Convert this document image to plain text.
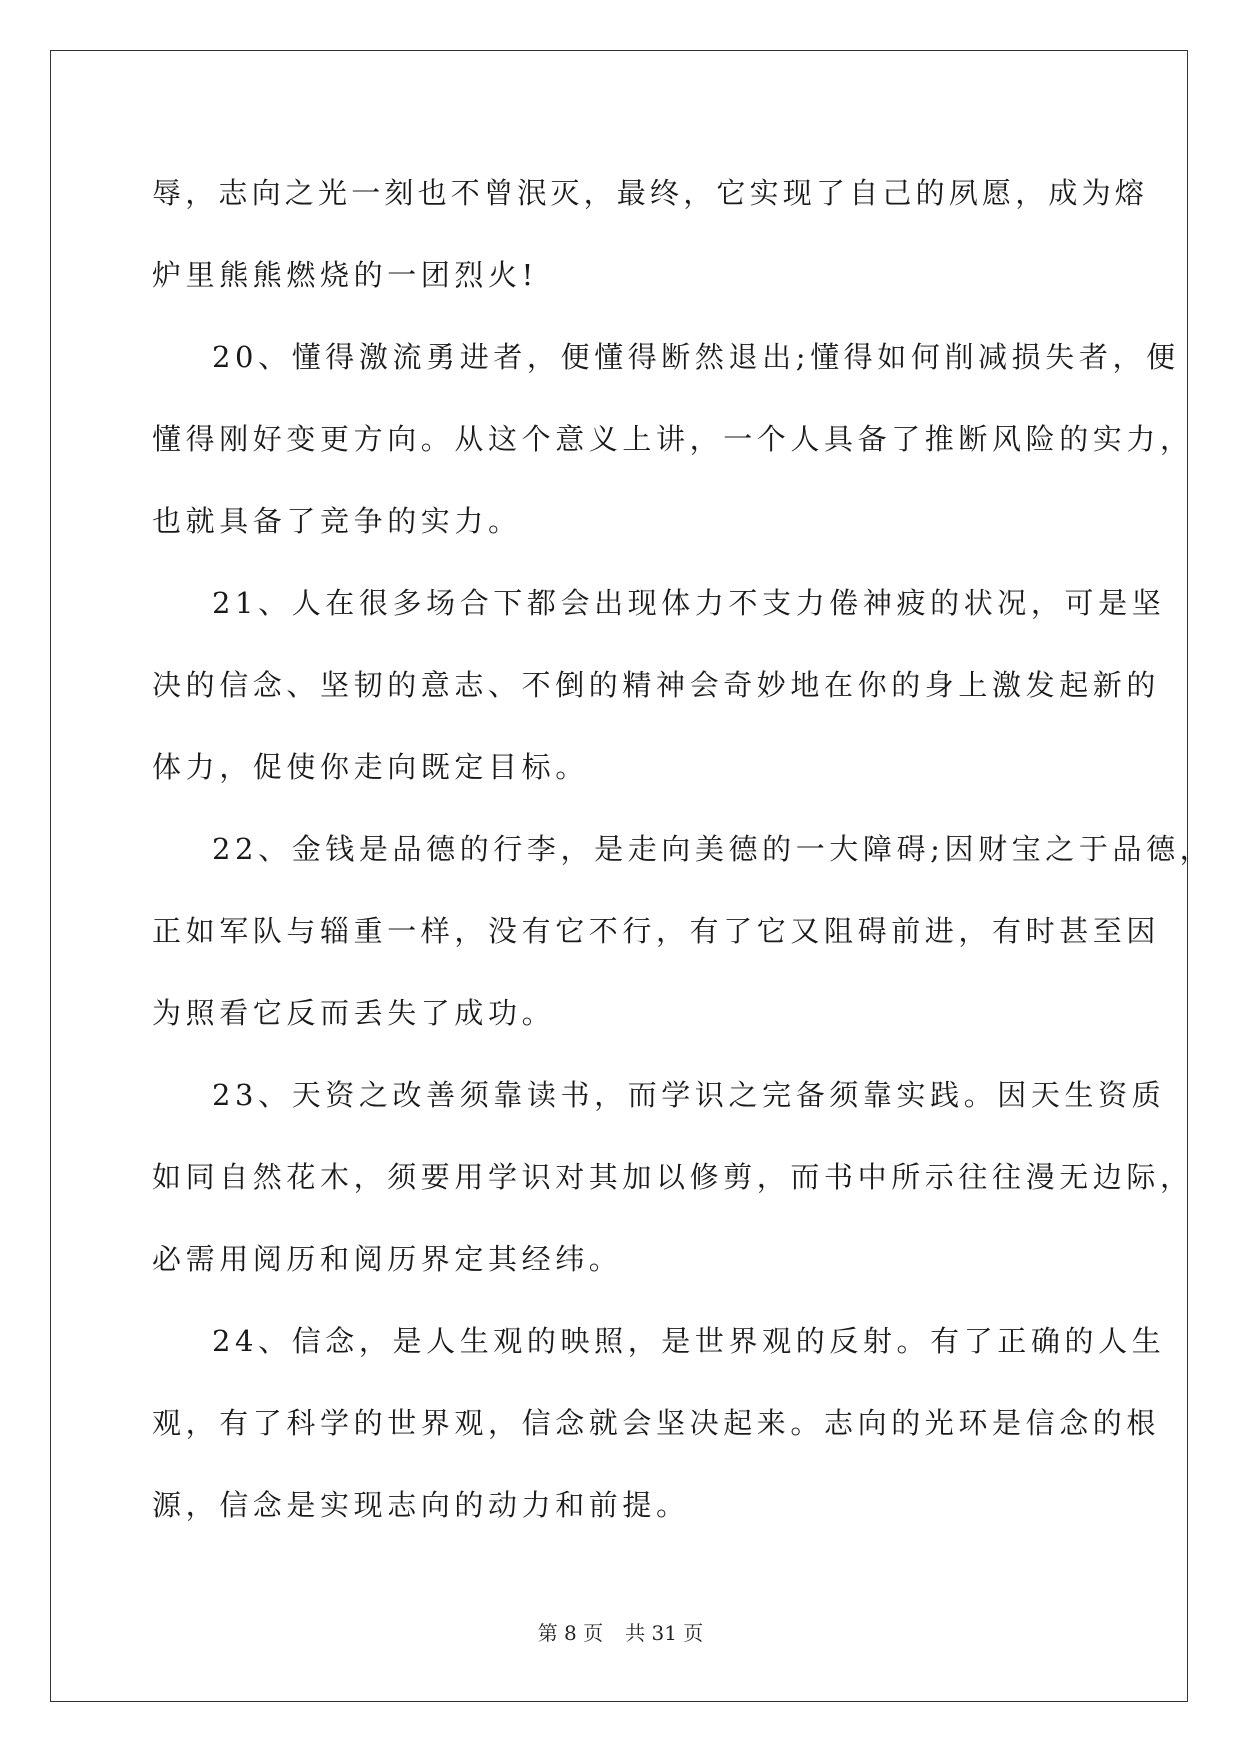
辱，志向之光一刻也不曾泯灭，最终，它实现了自己的夙愿，成为熔
炉里熊熊燃烧的一团烈火!
20、懂得激流勇进者，便懂得断然退出;懂得如何削减损失者，便
懂得刚好变更方向。从这个意义上讲，一个人具备了推断风险的实力，
也就具备了竞争的实力。
21、人在很多场合下都会出现体力不支力倦神疲的状况，可是坚
决的信念、坚韧的意志、不倒的精神会奇妙地在你的身上激发起新的
体力，促使你走向既定目标。
22、金钱是品德的行李，是走向美德的一大障碍;因财宝之于品德，
正如军队与辎重一样，没有它不行，有了它又阻碍前进，有时甚至因
为照看它反而丢失了成功。
23、天资之改善须靠读书，而学识之完备须靠实践。因天生资质
如同自然花木，须要用学识对其加以修剪，而书中所示往往漫无边际，
必需用阅历和阅历界定其经纬。
24、信念，是人生观的映照，是世界观的反射。有了正确的人生
观，有了科学的世界观，信念就会坚决起来。志向的光环是信念的根
源，信念是实现志向的动力和前提。
第 8 页 共 31 页
